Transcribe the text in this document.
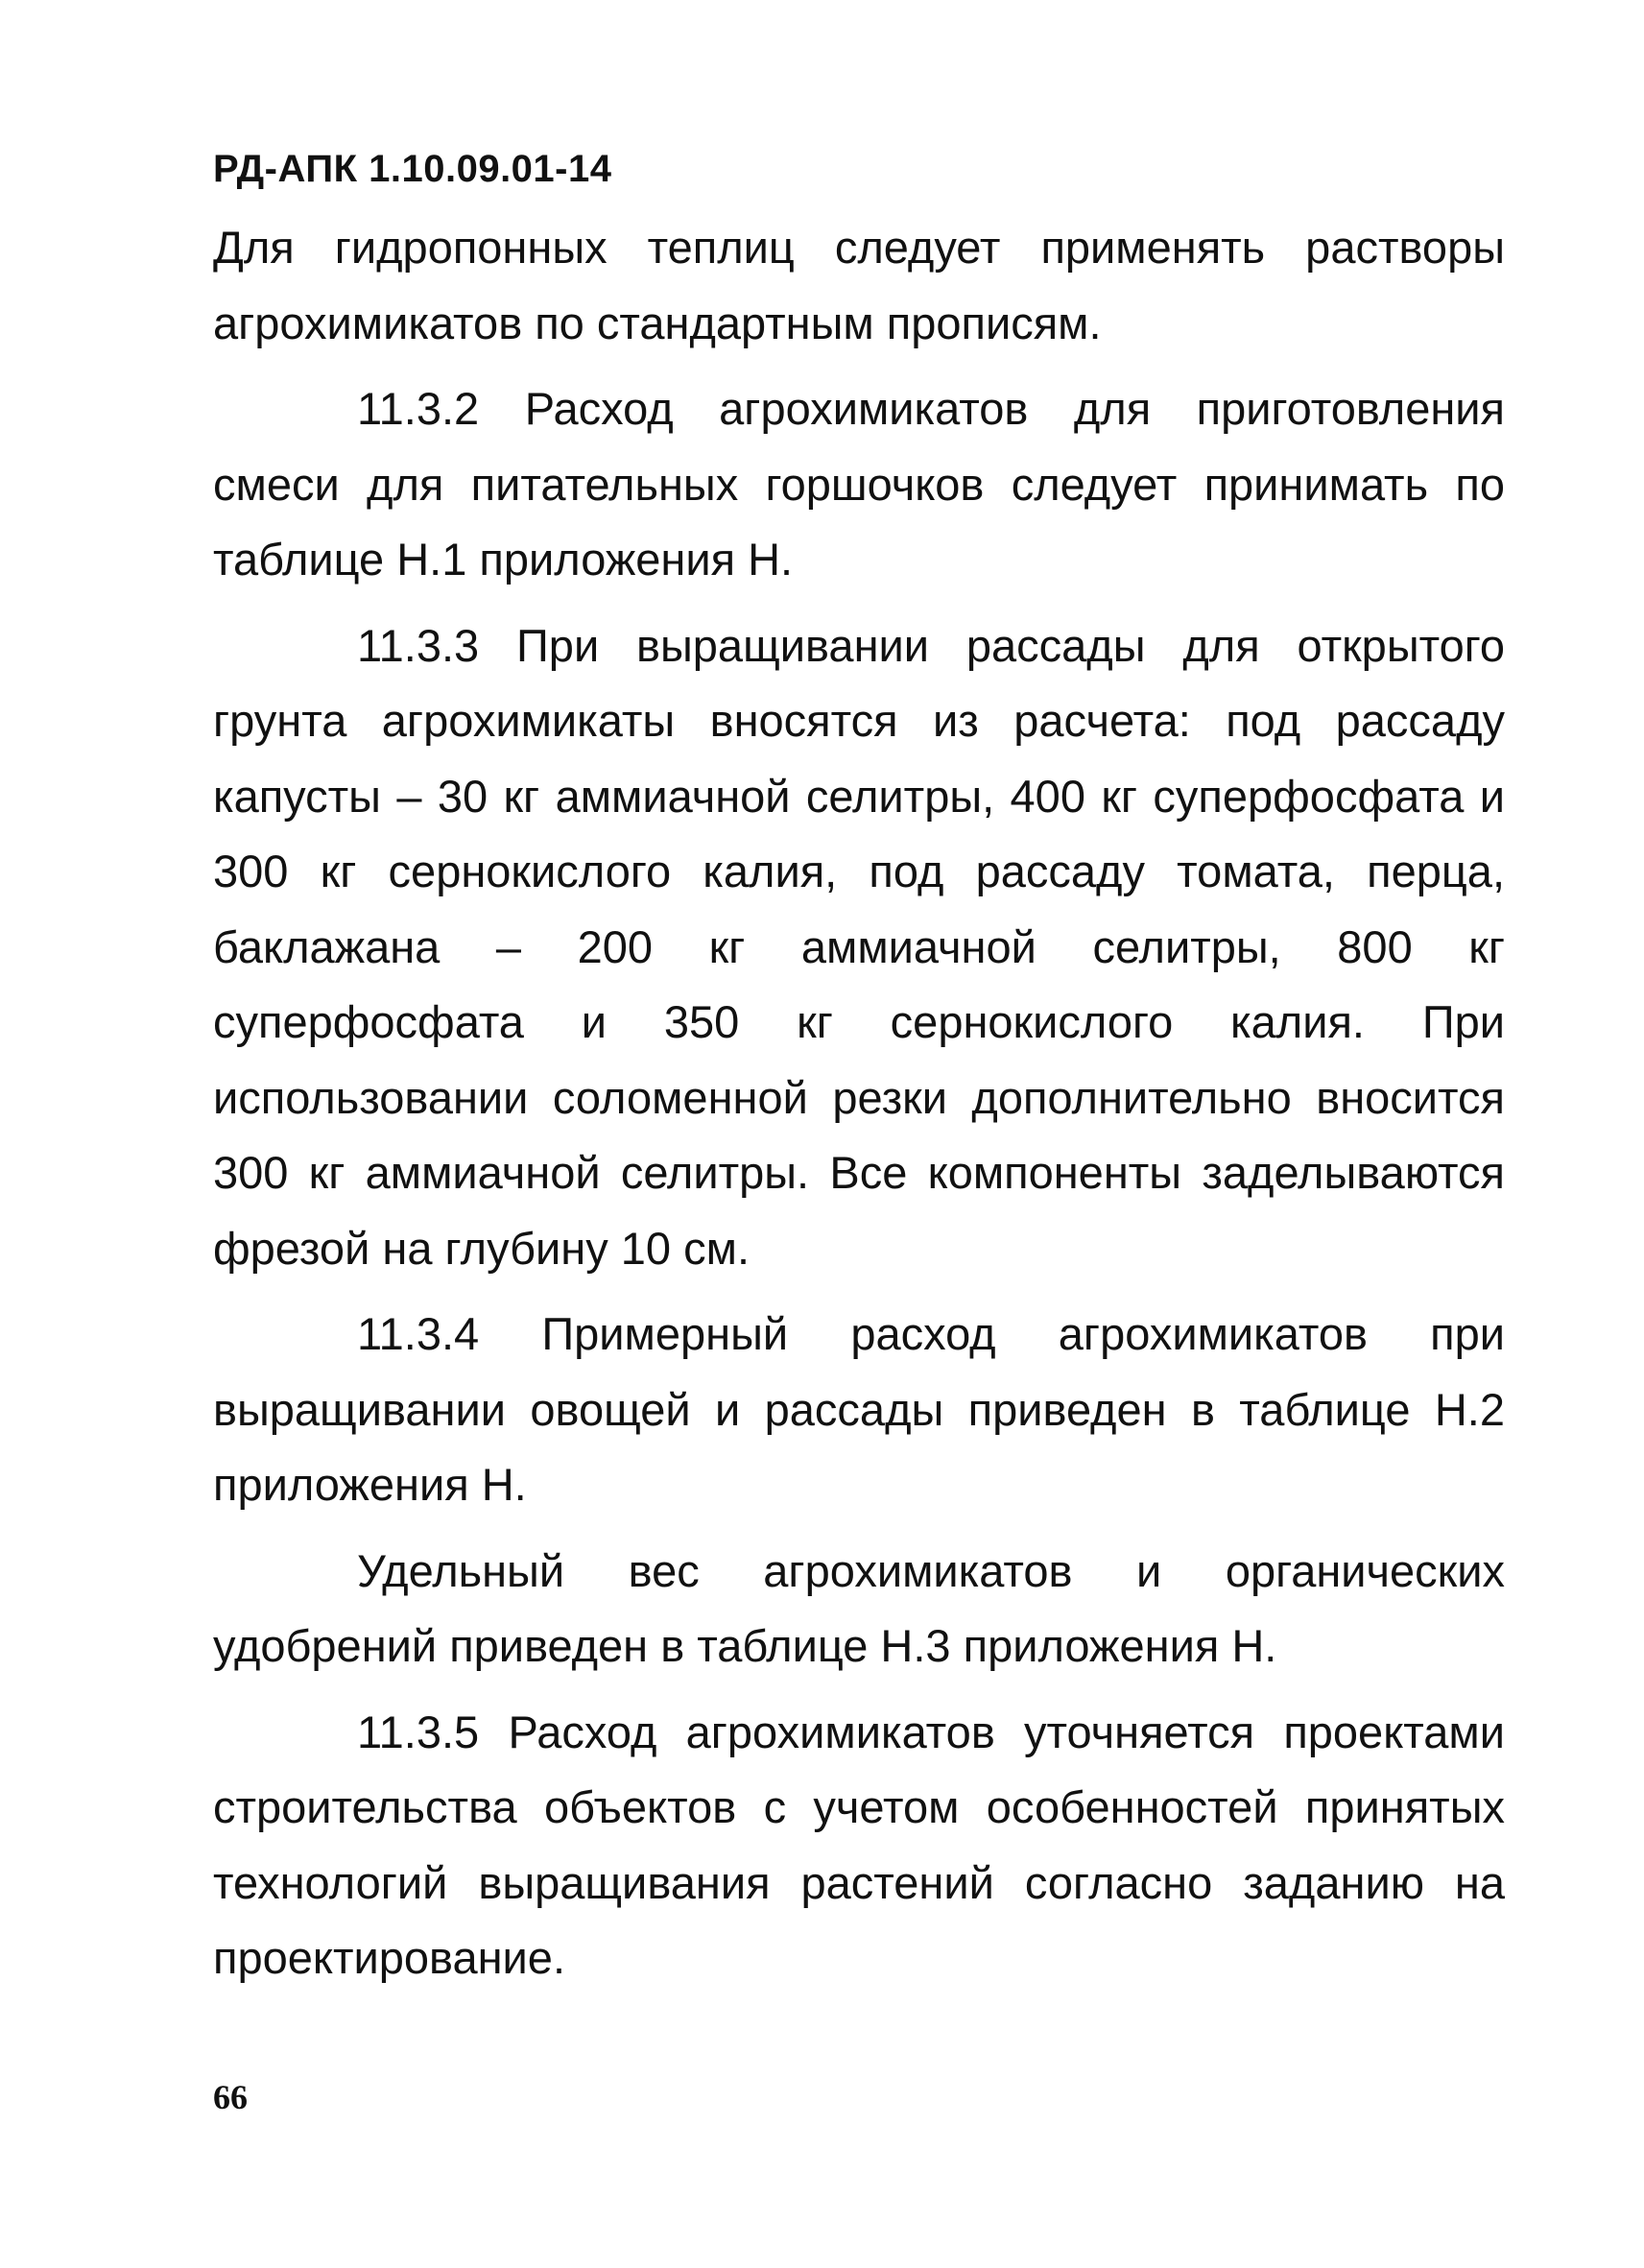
РД-АПК 1.10.09.01-14

Для гидропонных теплиц следует применять растворы агрохимикатов по стандартным прописям.

11.3.2 Расход агрохимикатов для приготовления смеси для питательных горшочков следует принимать по таблице Н.1 приложения Н.

11.3.3 При выращивании рассады для открытого грунта агрохимикаты вносятся из расчета: под рассаду капусты – 30 кг аммиачной селитры, 400 кг суперфосфата и 300 кг сернокислого калия, под рассаду томата, перца, баклажана – 200 кг аммиачной селитры, 800 кг суперфосфата и 350 кг сернокислого калия. При использовании соломенной резки дополнительно вносится 300 кг аммиачной селитры. Все компоненты заделываются фрезой на глубину 10 см.

11.3.4 Примерный расход агрохимикатов при выращивании овощей и рассады приведен в таблице Н.2 приложения Н.

Удельный вес агрохимикатов и органических удобрений приведен в таблице Н.3 приложения Н.

11.3.5 Расход агрохимикатов уточняется проектами строительства объектов с учетом особенностей принятых технологий выращивания растений согласно заданию на проектирование.

66
